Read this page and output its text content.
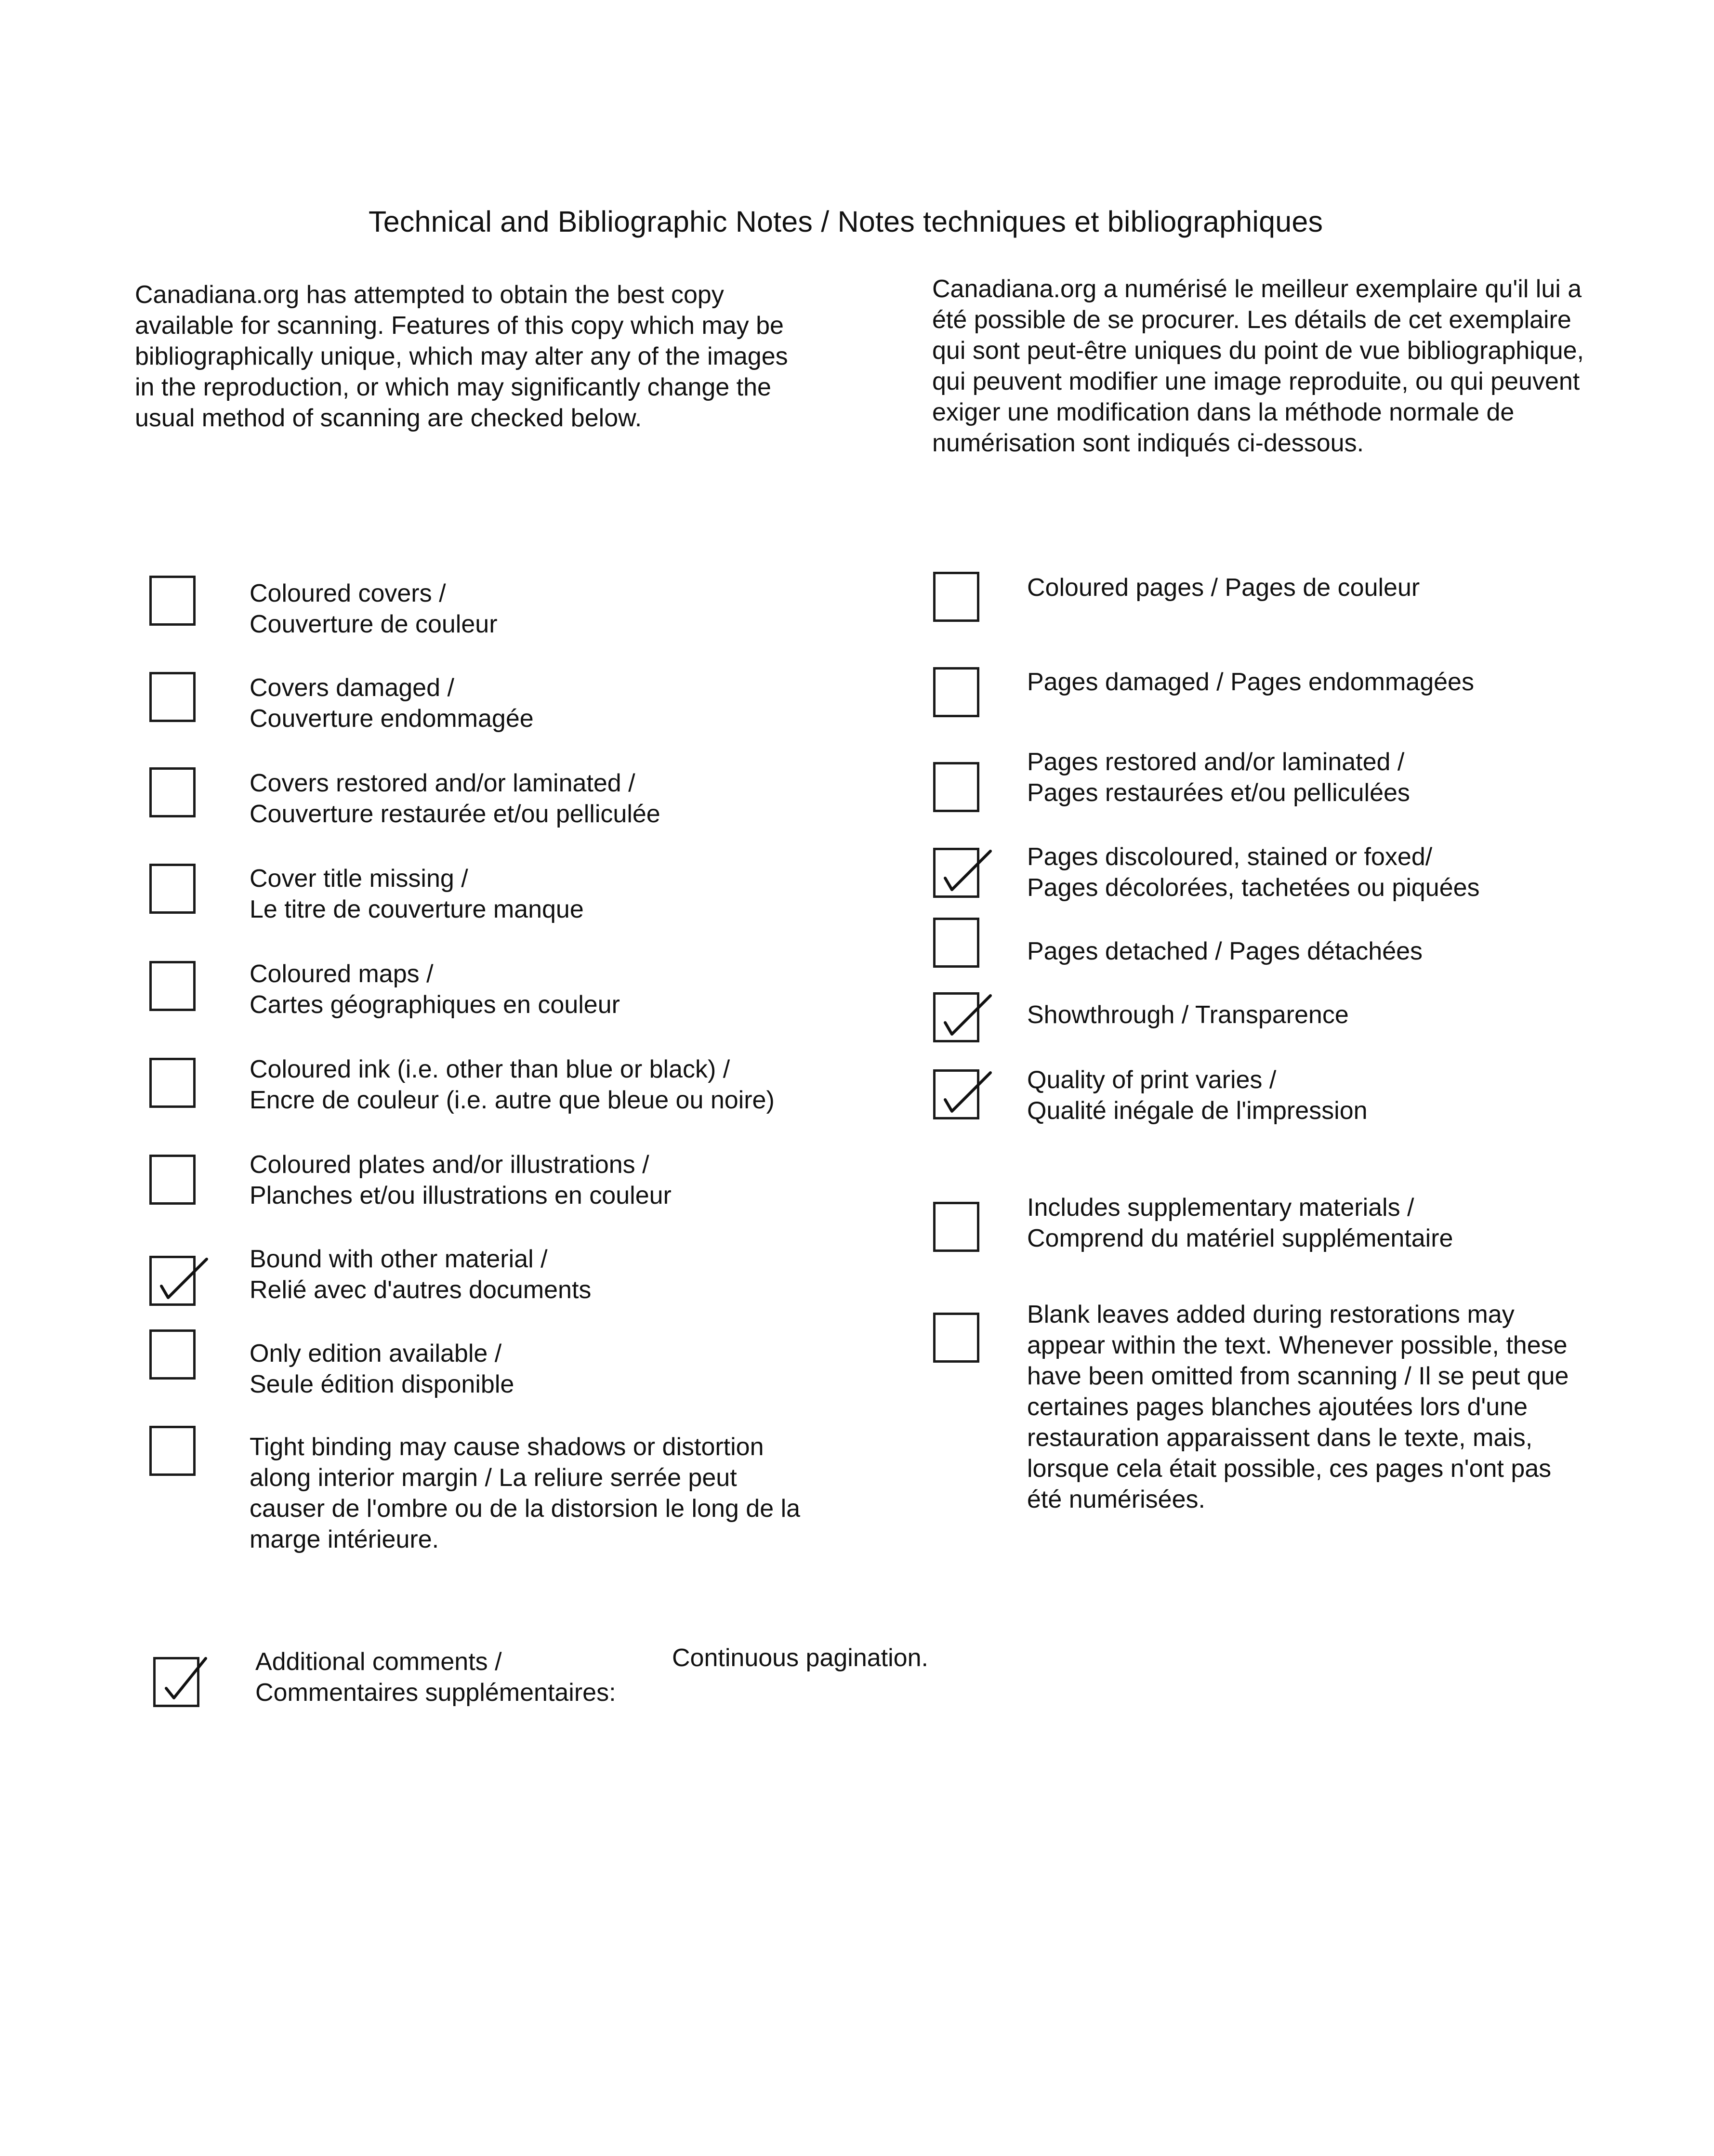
Technical and Bibliographic Notes / Notes techniques et bibliographiques
Canadiana.org has attempted to obtain the best copy
available for scanning. Features of this copy which may be
bibliographically unique, which may alter any of the images
in the reproduction, or which may significantly change the
usual method of scanning are checked below.
Canadiana.org a numérisé le meilleur exemplaire qu'il lui a
été possible de se procurer. Les détails de cet exemplaire
qui sont peut-être uniques du point de vue bibliographique,
qui peuvent modifier une image reproduite, ou qui peuvent
exiger une modification dans la méthode normale de
numérisation sont indiqués ci-dessous.
Coloured covers /
Couverture de couleur
Covers damaged /
Couverture endommagée
Covers restored and/or laminated /
Couverture restaurée et/ou pelliculée
Cover title missing /
Le titre de couverture manque
Coloured maps /
Cartes géographiques en couleur
Coloured ink (i.e. other than blue or black) /
Encre de couleur (i.e. autre que bleue ou noire)
Coloured plates and/or illustrations /
Planches et/ou illustrations en couleur
Bound with other material /
Relié avec d'autres documents
Only edition available /
Seule édition disponible
Tight binding may cause shadows or distortion
along interior margin / La reliure serrée peut
causer de l'ombre ou de la distorsion le long de la
marge intérieure.
Coloured pages / Pages de couleur
Pages damaged / Pages endommagées
Pages restored and/or laminated /
Pages restaurées et/ou pelliculées
Pages discoloured, stained or foxed/
Pages décolorées, tachetées ou piquées
Pages detached / Pages détachées
Showthrough / Transparence
Quality of print varies /
Qualité inégale de l'impression
Includes supplementary materials /
Comprend du matériel supplémentaire
Blank leaves added during restorations may
appear within the text. Whenever possible, these
have been omitted from scanning / Il se peut que
certaines pages blanches ajoutées lors d'une
restauration apparaissent dans le texte, mais,
lorsque cela était possible, ces pages n'ont pas
été numérisées.
Additional comments /
Commentaires supplémentaires:
Continuous pagination.
